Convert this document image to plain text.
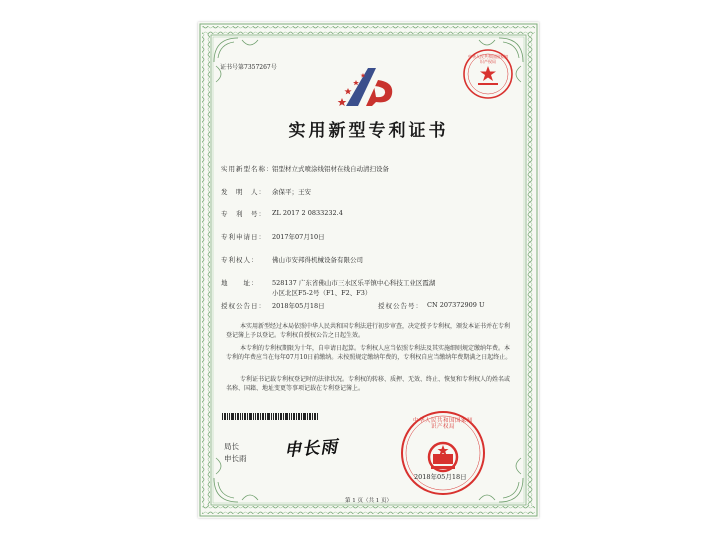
证书号第7357267号
中华人民共和国国家知识产权局
实用新型专利证书
实用新型名称：
铝型材立式喷涂线铝材在线自动清扫设备
发　明　人： 余保平；王安
专　利　号： ZL 2017 2 0833232.4
专利申请日： 2017年07月10日
专利权人： 佛山市安邦得机械设备有限公司
地　　址： 528137 广东省佛山市三水区乐平镇中心科技工业区霞湖
小区北区F5-2号（F1、F2、F3）
授权公告日： 2018年05月18日	授权公告号： CN 207372909 U
本实用新型经过本局依照中华人民共和国专利法进行初步审查，决定授予专利权，颁发本证书并在专利登记簿上予以登记。专利权自授权公告之日起生效。
本专利的专利权期限为十年，自申请日起算。专利权人应当依照专利法及其实施细则规定缴纳年费。本专利的年费应当在每年07月10日前缴纳。未按照规定缴纳年费的，专利权自应当缴纳年费期满之日起终止。
专利证书记载专利权登记时的法律状况。专利权的转移、质押、无效、终止、恢复和专利权人的姓名或名称、国籍、地址变更等事项记载在专利登记簿上。
局长
申长雨 申长雨
中华人民共和国国家知识产权局
2018年05月18日
第 1 页（共 1 页）
